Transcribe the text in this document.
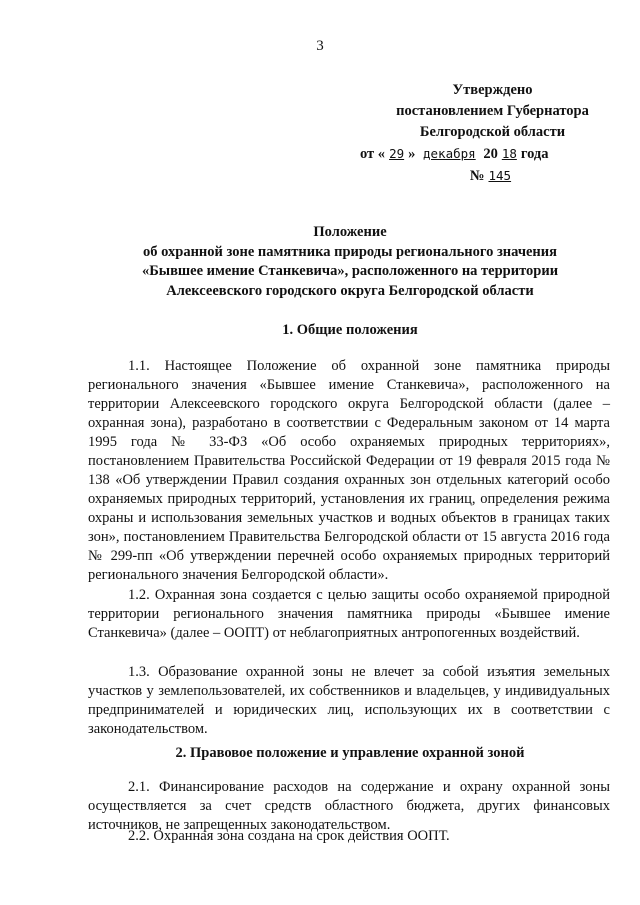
3
Утверждено
постановлением Губернатора
Белгородской области
от « 29 » декабря 20 18 года
№ 145
Положение
об охранной зоне памятника природы регионального значения
«Бывшее имение Станкевича», расположенного на территории
Алексеевского городского округа Белгородской области
1. Общие положения

1.1. Настоящее Положение об охранной зоне памятника природы регионального значения «Бывшее имение Станкевича», расположенного на территории Алексеевского городского округа Белгородской области (далее – охранная зона), разработано в соответствии с Федеральным законом от 14 марта 1995 года № 33-ФЗ «Об особо охраняемых природных территориях», постановлением Правительства Российской Федерации от 19 февраля 2015 года № 138 «Об утверждении Правил создания охранных зон отдельных категорий особо охраняемых природных территорий, установления их границ, определения режима охраны и использования земельных участков и водных объектов в границах таких зон», постановлением Правительства Белгородской области от 15 августа 2016 года № 299-пп «Об утверждении перечней особо охраняемых природных территорий регионального значения Белгородской области».

1.2. Охранная зона создается с целью защиты особо охраняемой природной территории регионального значения памятника природы «Бывшее имение Станкевича» (далее – ООПТ) от неблагоприятных антропогенных воздействий.

1.3. Образование охранной зоны не влечет за собой изъятия земельных участков у землепользователей, их собственников и владельцев, у индивидуальных предпринимателей и юридических лиц, использующих их в соответствии с законодательством.

2. Правовое положение и управление охранной зоной

2.1. Финансирование расходов на содержание и охрану охранной зоны осуществляется за счет средств областного бюджета, других финансовых источников, не запрещенных законодательством.

2.2. Охранная зона создана на срок действия ООПТ.
